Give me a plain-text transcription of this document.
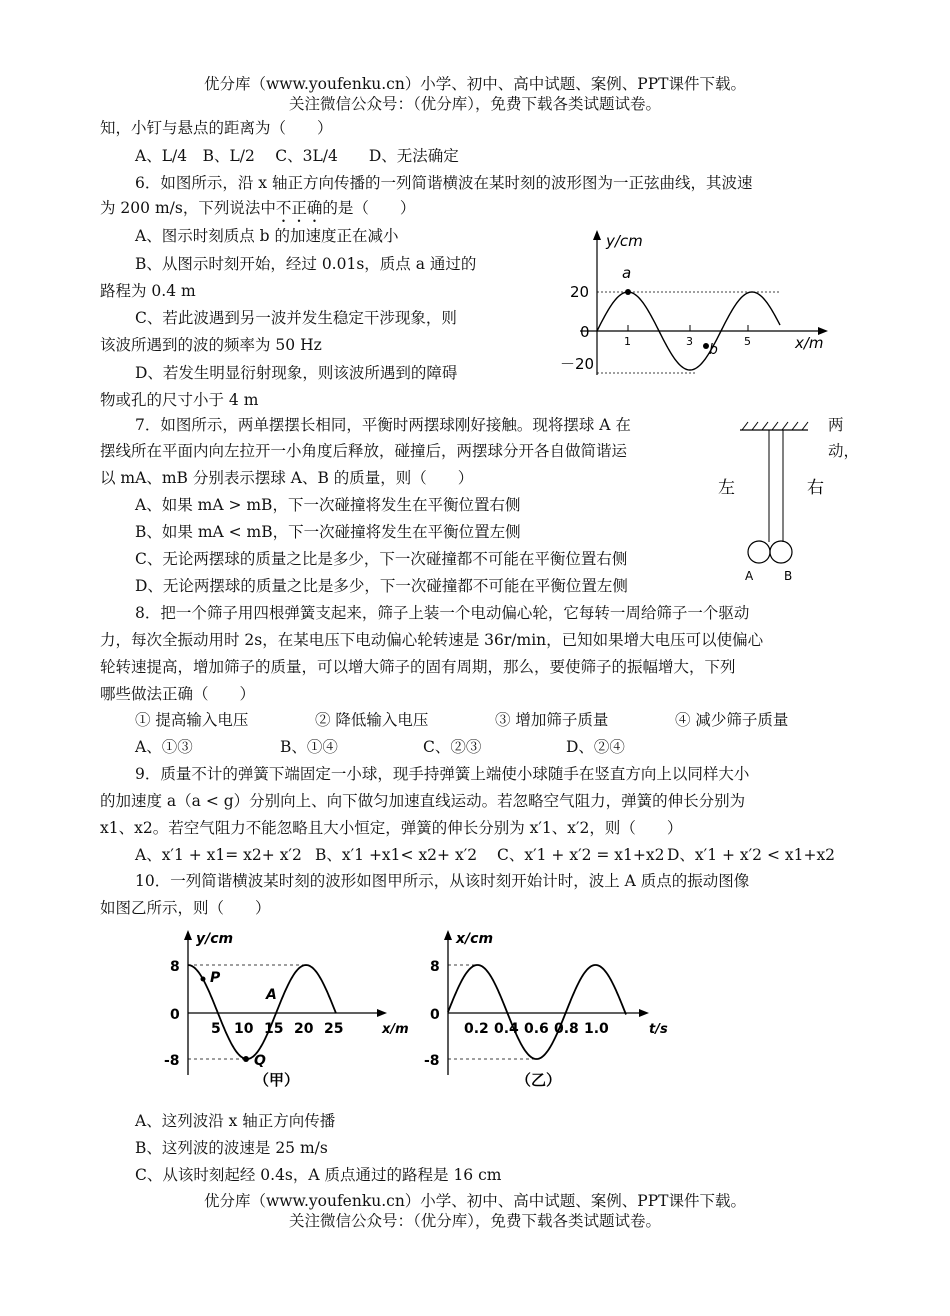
优分库（www.youfenku.cn）小学、初中、高中试题、案例、PPT课件下载。
关注微信公众号：（优分库），免费下载各类试题试卷。
知，小钉与悬点的距离为（　　）
A、L/4　B、L/2　 C、3L/4　　D、无法确定
6．如图所示，沿 x 轴正方向传播的一列简谐横波在某时刻的波形图为一正弦曲线，其波速
为 200 m/s，下列说法中不正确的是（　　）
A、图示时刻质点 b 的加速度正在减小
B、从图示时刻开始，经过 0.01s，质点 a 通过的
路程为 0.4 m
C、若此波遇到另一波并发生稳定干涉现象，则
该波所遇到的波的频率为 50 Hz
D、若发生明显衍射现象，则该波所遇到的障碍
物或孔的尺寸小于 4 m
y/cm
x/m
20
0
－20
1	3	5
a
b
7．如图所示，两单摆摆长相同，平衡时两摆球刚好接触。现将摆球 A 在	两
摆线所在平面内向左拉开一小角度后释放，碰撞后，两摆球分开各自做简谐运	动，
以 mA、mB 分别表示摆球 A、B 的质量，则（　　）
A、如果 mA > mB，下一次碰撞将发生在平衡位置右侧
B、如果 mA < mB，下一次碰撞将发生在平衡位置左侧
C、无论两摆球的质量之比是多少，下一次碰撞都不可能在平衡位置右侧
D、无论两摆球的质量之比是多少，下一次碰撞都不可能在平衡位置左侧
左	右
A	B
8．把一个筛子用四根弹簧支起来，筛子上装一个电动偏心轮，它每转一周给筛子一个驱动
力，每次全振动用时 2s，在某电压下电动偏心轮转速是 36r/min，已知如果增大电压可以使偏心
轮转速提高，增加筛子的质量，可以增大筛子的固有周期，那么，要使筛子的振幅增大，下列
哪些做法正确（　　）
① 提高输入电压	② 降低输入电压	③ 增加筛子质量	④ 减少筛子质量
A、①③	B、①④	C、②③	D、②④
9．质量不计的弹簧下端固定一小球，现手持弹簧上端使小球随手在竖直方向上以同样大小
的加速度 a（a < g）分别向上、向下做匀加速直线运动。若忽略空气阻力，弹簧的伸长分别为
x1、x2。若空气阻力不能忽略且大小恒定，弹簧的伸长分别为 x′1、x′2，则（　　）
A、x′1 + x1= x2+ x′2 B、x′1 +x1< x2+ x′2 C、x′1 + x′2 = x1+x2 D、x′1 + x′2 < x1+x2
10．一列简谐横波某时刻的波形如图甲所示，从该时刻开始计时，波上 A 质点的振动图像
如图乙所示，则（　　）
y/cm
x/m
8
0
-8
5 10 15 20 25
P
A
Q
（甲）
x/cm
t/s
8
0
-8
0.2 0.4 0.6 0.8 1.0
（乙）
A、这列波沿 x 轴正方向传播
B、这列波的波速是 25 m/s
C、从该时刻起经 0.4s，A 质点通过的路程是 16 cm
优分库（www.youfenku.cn）小学、初中、高中试题、案例、PPT课件下载。
关注微信公众号：（优分库），免费下载各类试题试卷。
